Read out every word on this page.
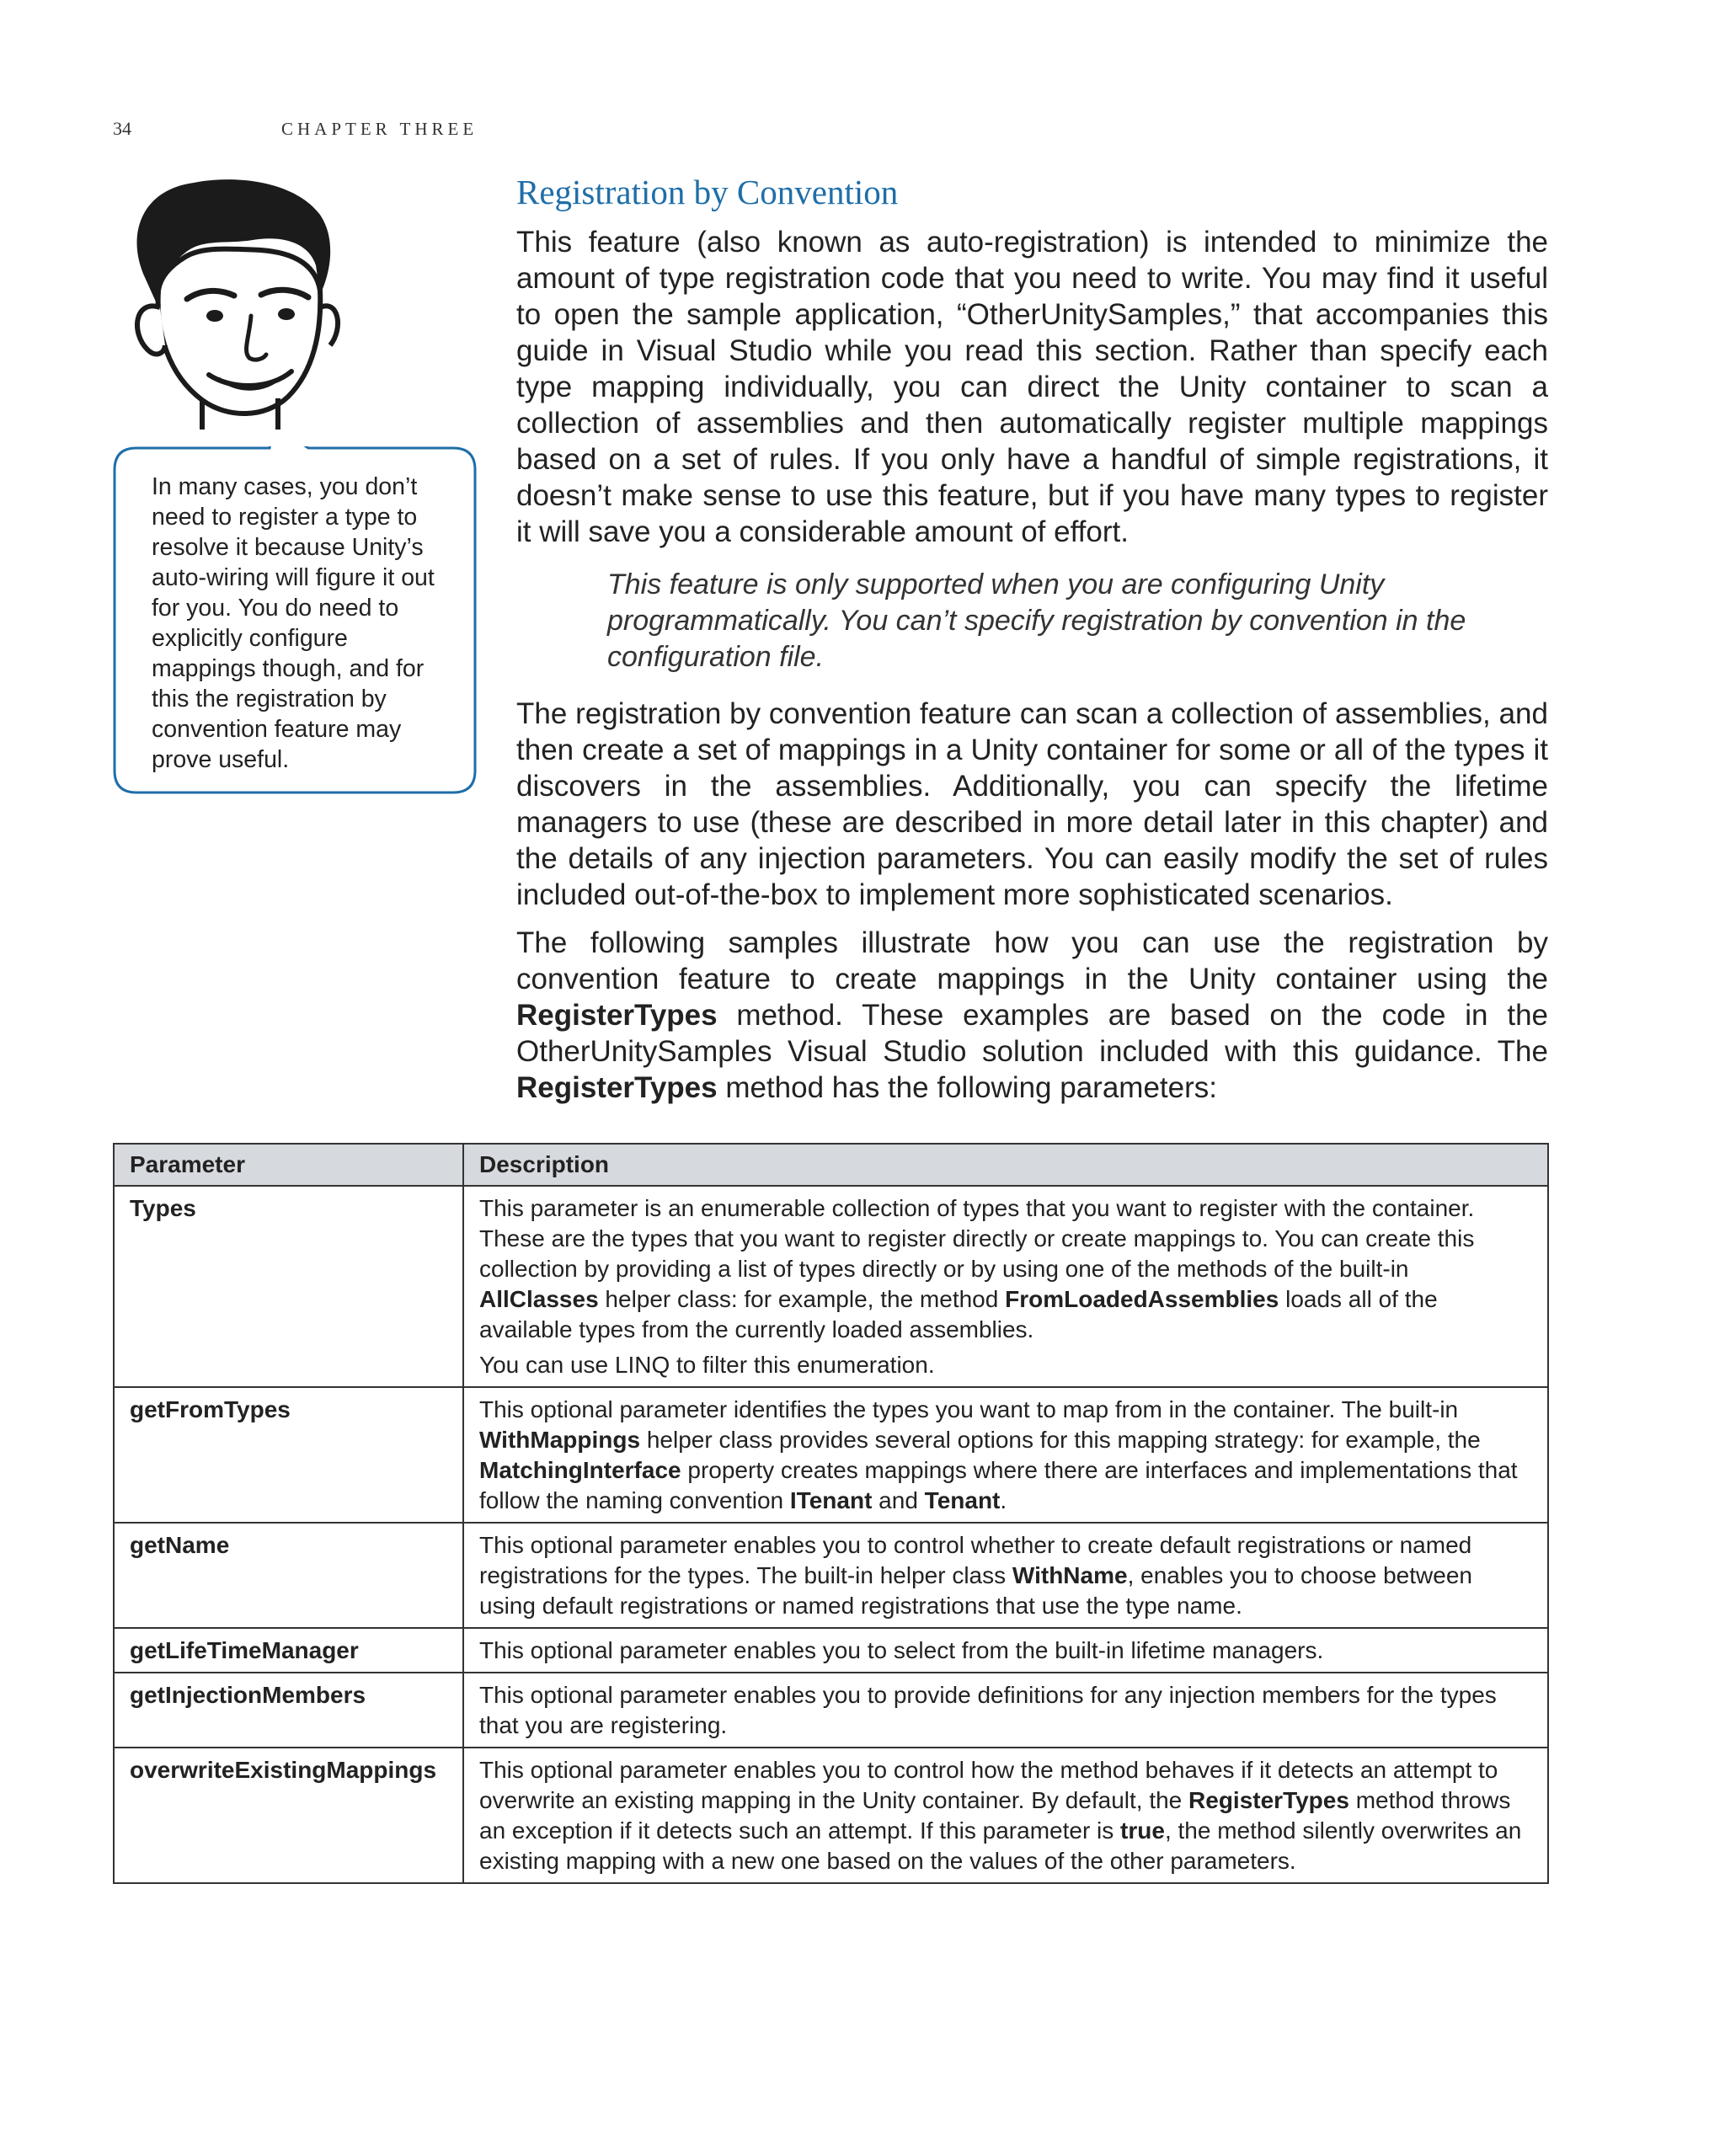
34	CHAPTER THREE
In many cases, you don’t need to register a type to resolve it because Unity’s auto-wiring will figure it out for you. You do need to explicitly configure mappings though, and for this the registration by convention feature may prove useful.
Registration by Convention

This feature (also known as auto-registration) is intended to minimize the amount of type registration code that you need to write. You may find it useful to open the sample application, “OtherUnitySamples,” that accompanies this guide in Visual Studio while you read this section. Rather than specify each type mapping individually, you can direct the Unity container to scan a collection of assemblies and then automatically register multiple mappings based on a set of rules. If you only have a handful of simple registrations, it doesn’t make sense to use this feature, but if you have many types to register it will save you a considerable amount of effort.

This feature is only supported when you are configuring Unity programmatically. You can’t specify registration by convention in the configuration file.

The registration by convention feature can scan a collection of assemblies, and then create a set of mappings in a Unity container for some or all of the types it discovers in the assemblies. Additionally, you can specify the lifetime managers to use (these are described in more detail later in this chapter) and the details of any injection parameters. You can easily modify the set of rules included out-of-the-box to implement more sophisticated scenarios.

The following samples illustrate how you can use the registration by convention feature to create mappings in the Unity container using the RegisterTypes method. These examples are based on the code in the OtherUnitySamples Visual Studio solution included with this guidance. The RegisterTypes method has the following parameters:

Parameter	Description
Types	This parameter is an enumerable collection of types that you want to register with the container. These are the types that you want to register directly or create mappings to. You can create this collection by providing a list of types directly or by using one of the methods of the built-in AllClasses helper class: for example, the method FromLoadedAssemblies loads all of the available types from the currently loaded assemblies.

You can use LINQ to filter this enumeration.

getFromTypes	This optional parameter identifies the types you want to map from in the container. The built-in WithMappings helper class provides several options for this mapping strategy: for example, the MatchingInterface property creates mappings where there are interfaces and implementations that follow the naming convention ITenant and Tenant.

getName	This optional parameter enables you to control whether to create default registrations or named registrations for the types. The built-in helper class WithName, enables you to choose between using default registrations or named registrations that use the type name.

getLifeTimeManager	This optional parameter enables you to select from the built-in lifetime managers.

getInjectionMembers	This optional parameter enables you to provide definitions for any injection members for the types that you are registering.

overwriteExistingMappings	This optional parameter enables you to control how the method behaves if it detects an attempt to overwrite an existing mapping in the Unity container. By default, the RegisterTypes method throws an exception if it detects such an attempt. If this parameter is true, the method silently overwrites an existing mapping with a new one based on the values of the other parameters.
